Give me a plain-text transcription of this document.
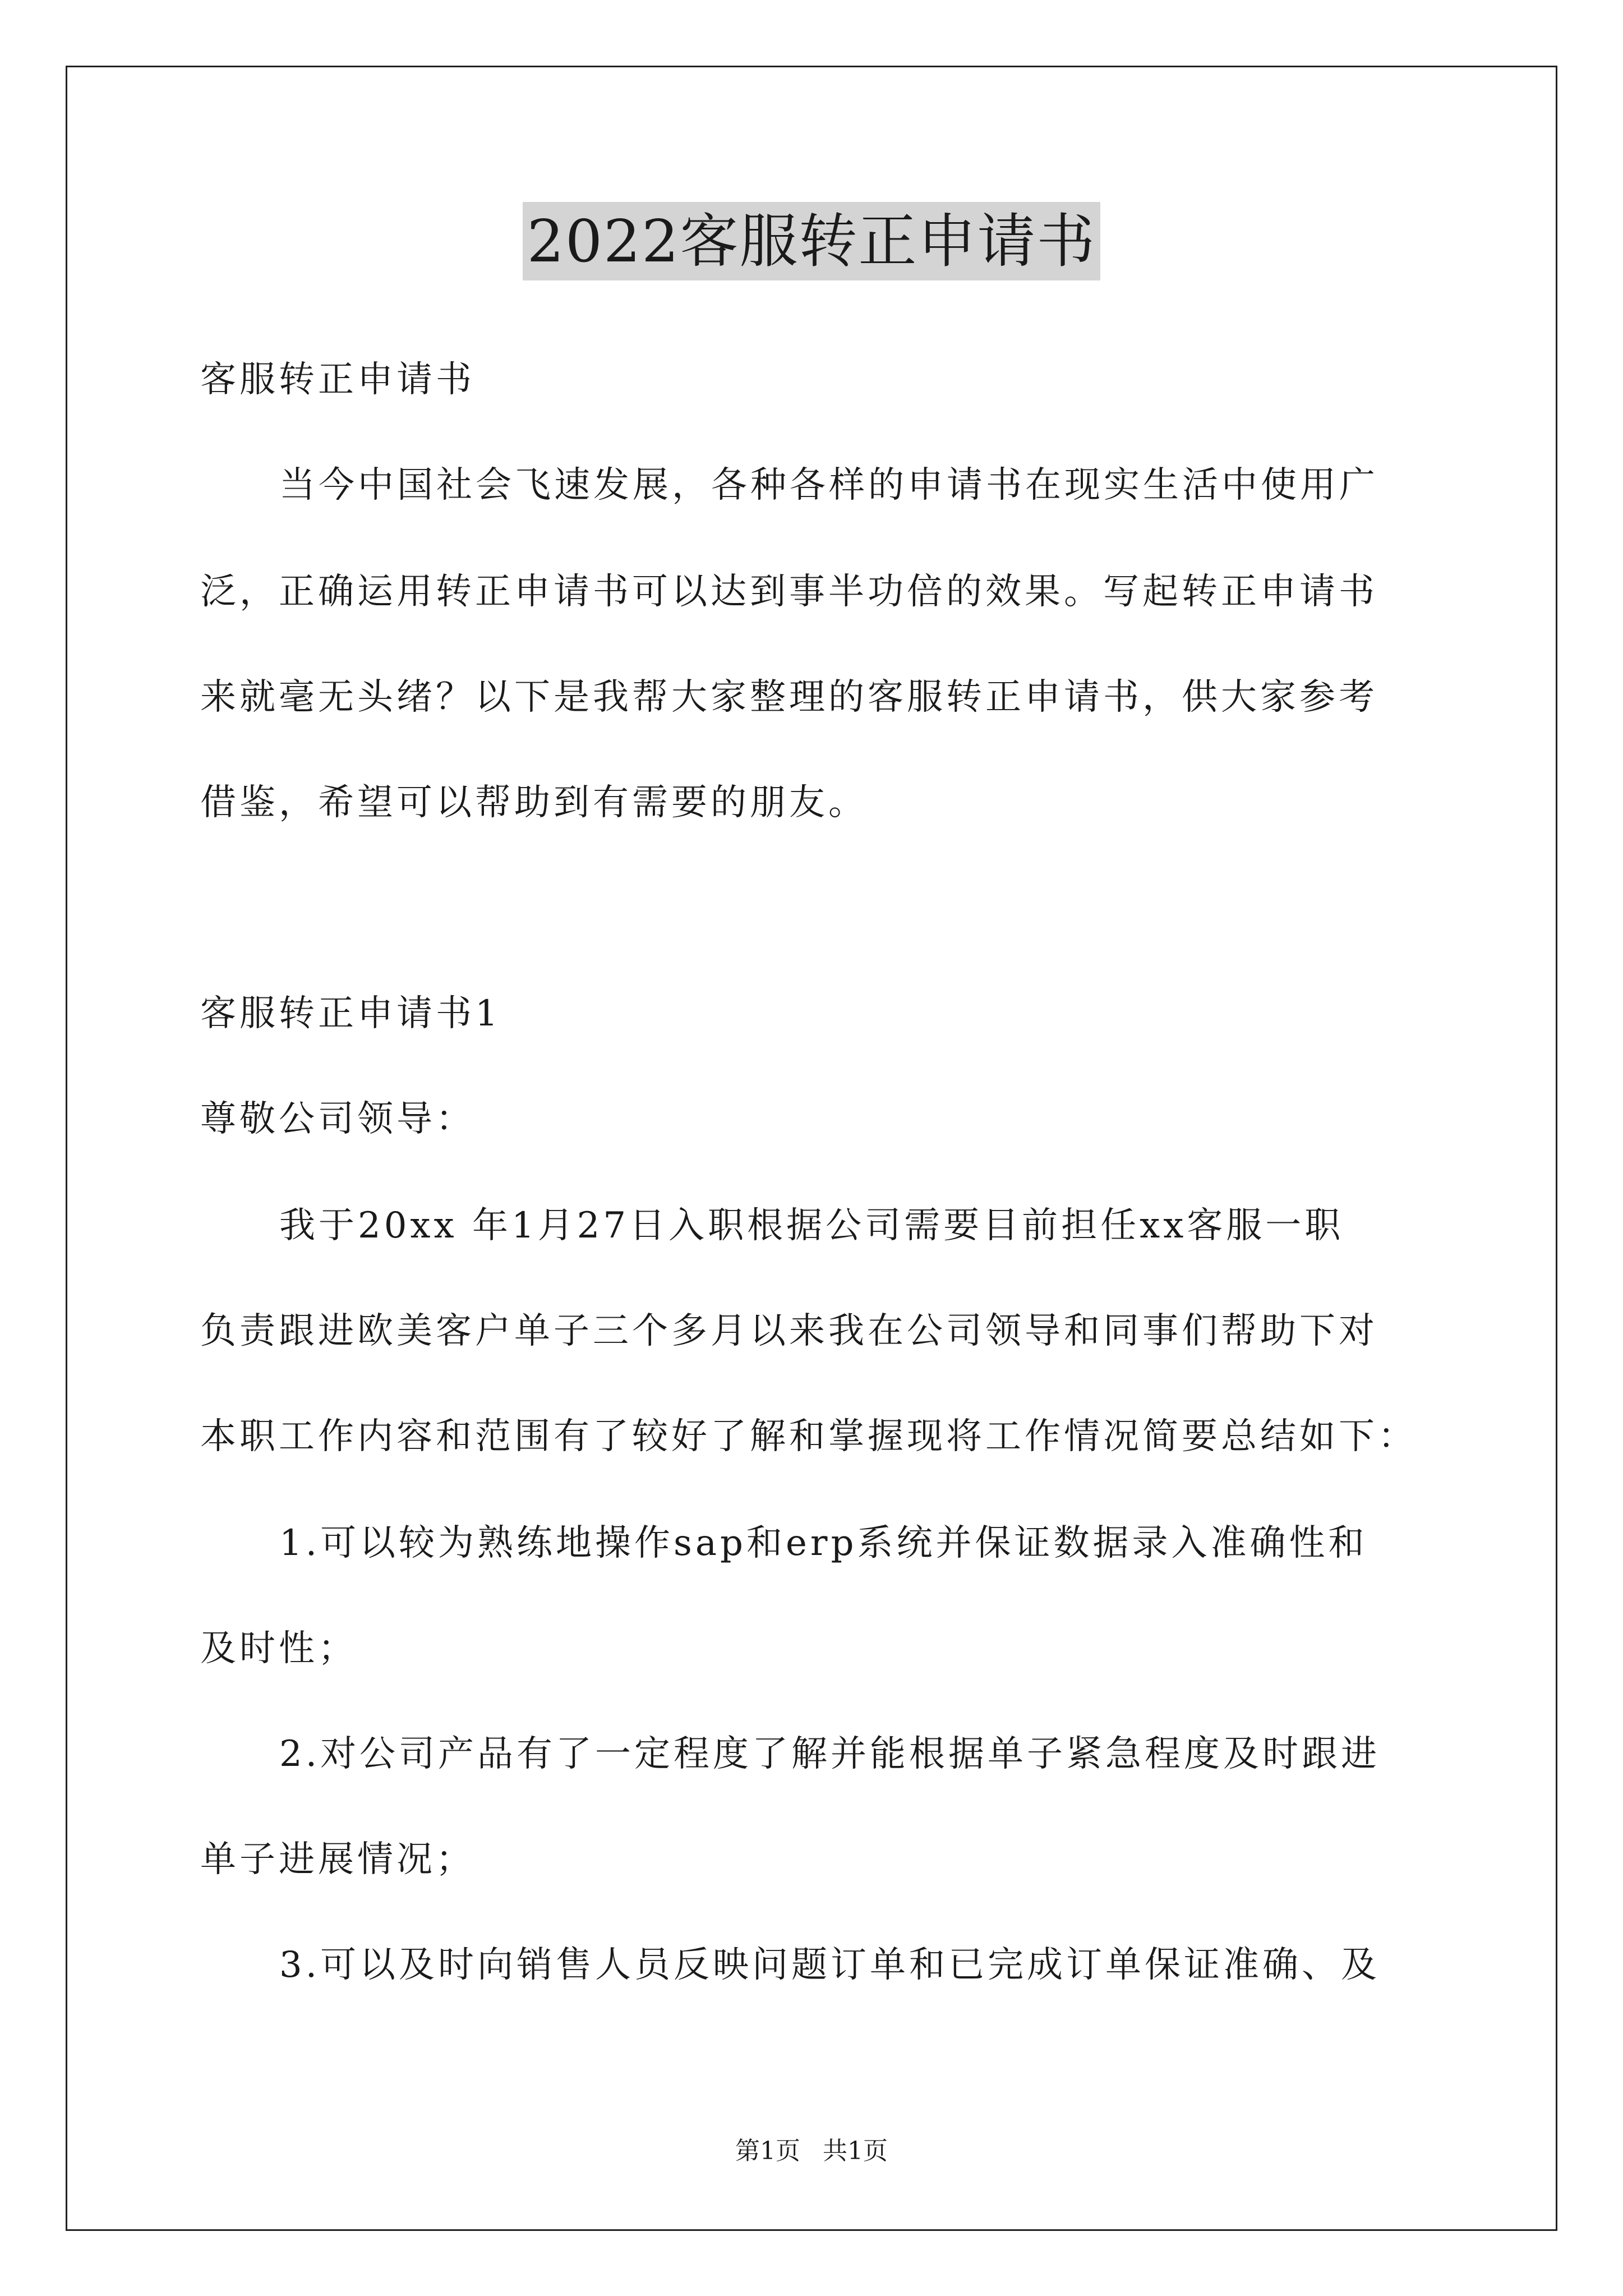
2022客服转正申请书
客服转正申请书
当今中国社会飞速发展，各种各样的申请书在现实生活中使用广
泛，正确运用转正申请书可以达到事半功倍的效果。写起转正申请书
来就毫无头绪？以下是我帮大家整理的客服转正申请书，供大家参考
借鉴，希望可以帮助到有需要的朋友。
客服转正申请书1
尊敬公司领导：
我于20xx 年1月27日入职根据公司需要目前担任xx客服一职
负责跟进欧美客户单子三个多月以来我在公司领导和同事们帮助下对
本职工作内容和范围有了较好了解和掌握现将工作情况简要总结如下：
1.可以较为熟练地操作sap和erp系统并保证数据录入准确性和
及时性；
2.对公司产品有了一定程度了解并能根据单子紧急程度及时跟进
单子进展情况；
3.可以及时向销售人员反映问题订单和已完成订单保证准确、及
第1页 共1页
